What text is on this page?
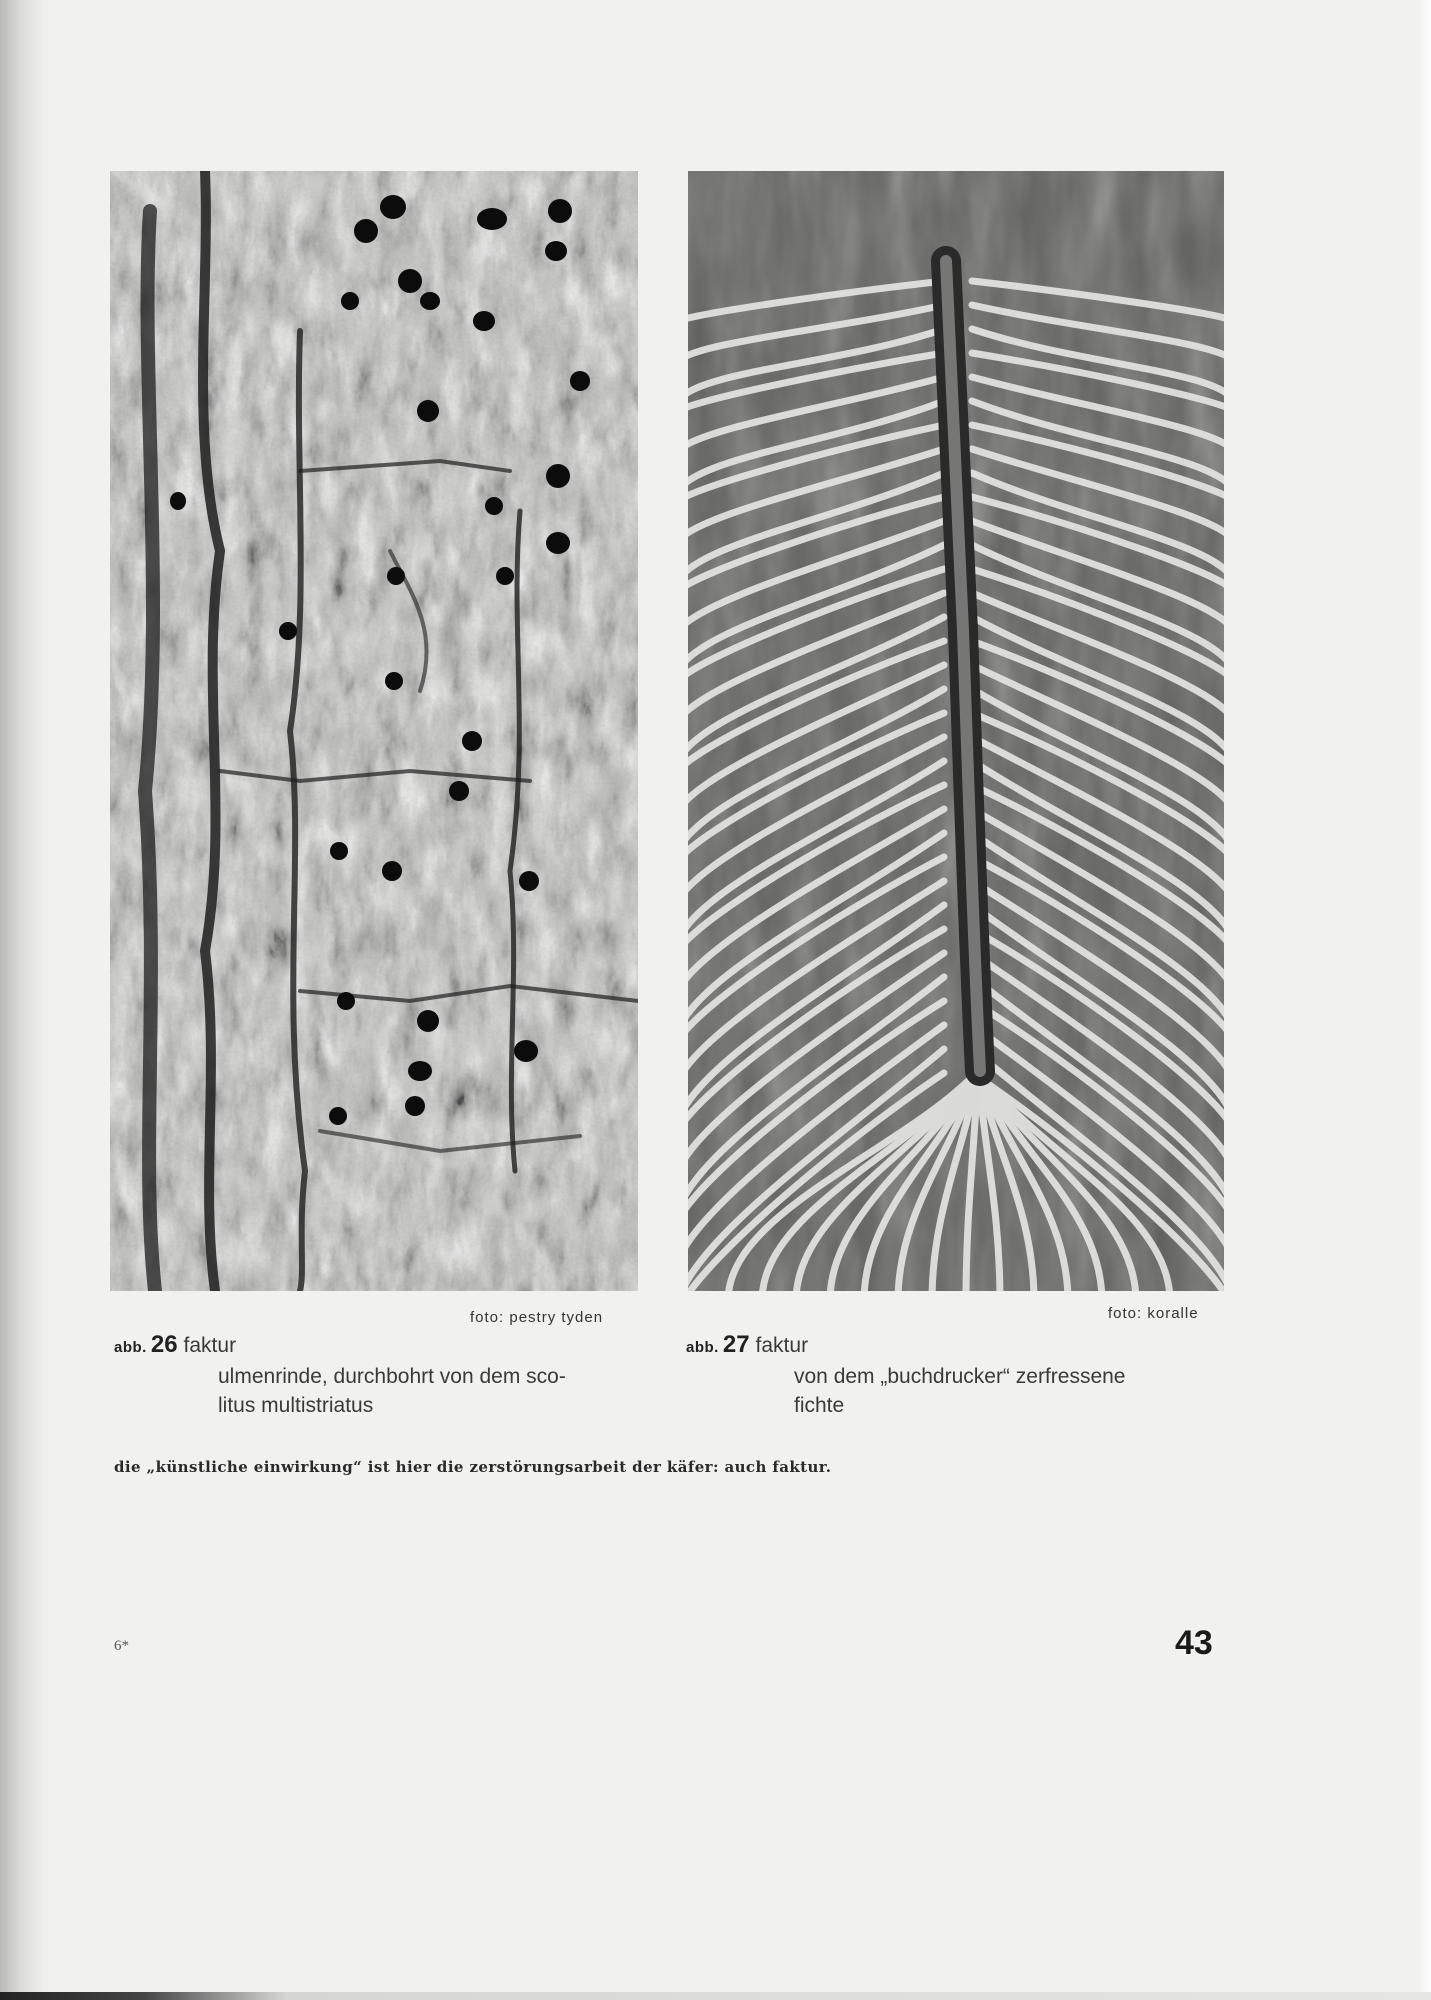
foto: pestry tyden	foto: koralle
abb. 26 faktur
ulmenrinde, durchbohrt von dem sco-
litus multistriatus
abb. 27 faktur
von dem „buchdrucker“ zerfressene
fichte
die „künstliche einwirkung“ ist hier die zerstörungsarbeit der käfer: auch faktur.
6*	43
